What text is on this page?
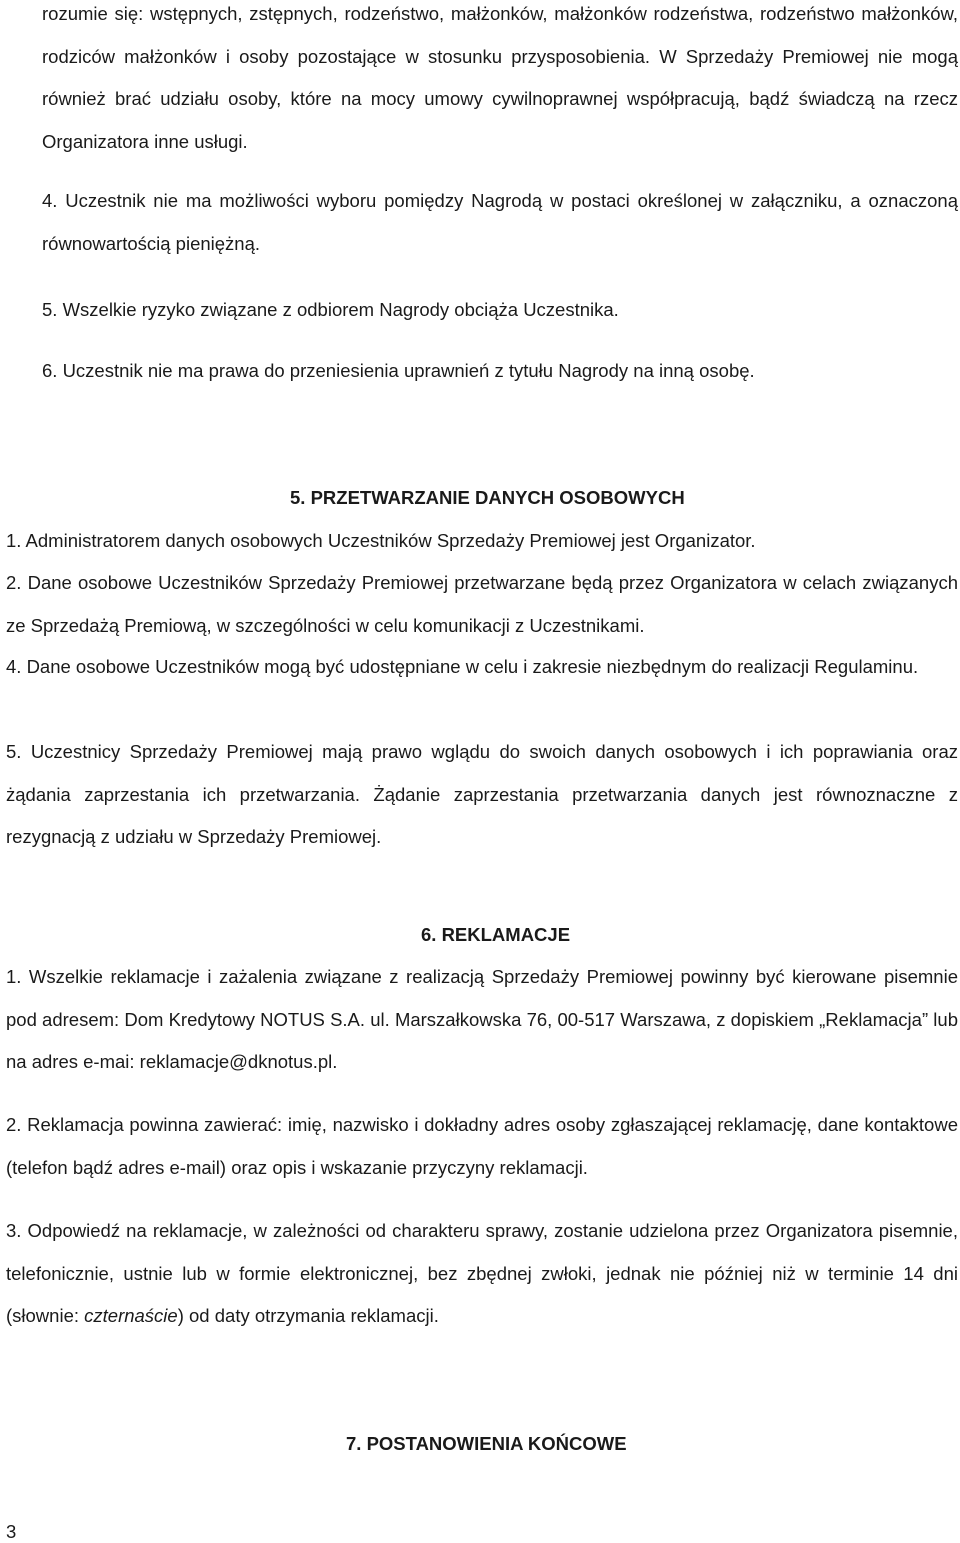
rozumie się: wstępnych, zstępnych, rodzeństwo, małżonków, małżonków rodzeństwa, rodzeństwo małżonków, rodziców małżonków i osoby pozostające w stosunku przysposobienia. W Sprzedaży Premiowej nie mogą również brać udziału osoby, które na mocy umowy cywilnoprawnej współpracują, bądź świadczą na rzecz Organizatora inne usługi.

4. Uczestnik nie ma możliwości wyboru pomiędzy Nagrodą w postaci określonej w załączniku, a oznaczoną równowartością pieniężną.

5. Wszelkie ryzyko związane z odbiorem Nagrody obciąża Uczestnika.

6. Uczestnik nie ma prawa do przeniesienia uprawnień z tytułu Nagrody na inną osobę.

5. PRZETWARZANIE DANYCH OSOBOWYCH

1. Administratorem danych osobowych Uczestników Sprzedaży Premiowej jest Organizator.

2. Dane osobowe Uczestników Sprzedaży Premiowej przetwarzane będą przez Organizatora w celach związanych ze Sprzedażą Premiową, w szczególności w celu komunikacji z Uczestnikami.

4. Dane osobowe Uczestników mogą być udostępniane w celu i zakresie niezbędnym do realizacji Regulaminu.

5. Uczestnicy Sprzedaży Premiowej mają prawo wglądu do swoich danych osobowych i ich poprawiania oraz żądania zaprzestania ich przetwarzania. Żądanie zaprzestania przetwarzania danych jest równoznaczne z rezygnacją z udziału w Sprzedaży Premiowej.

6. REKLAMACJE

1. Wszelkie reklamacje i zażalenia związane z realizacją Sprzedaży Premiowej powinny być kierowane pisemnie pod adresem: Dom Kredytowy NOTUS S.A. ul. Marszałkowska 76, 00-517 Warszawa, z dopiskiem „Reklamacja” lub na adres e-mai: reklamacje@dknotus.pl.

2. Reklamacja powinna zawierać: imię, nazwisko i dokładny adres osoby zgłaszającej reklamację, dane kontaktowe (telefon bądź adres e-mail) oraz opis i wskazanie przyczyny reklamacji.

3. Odpowiedź na reklamacje, w zależności od charakteru sprawy, zostanie udzielona przez Organizatora pisemnie, telefonicznie, ustnie lub w formie elektronicznej, bez zbędnej zwłoki, jednak nie później niż w terminie 14 dni (słownie: czternaście) od daty otrzymania reklamacji.

7. POSTANOWIENIA KOŃCOWE

3
